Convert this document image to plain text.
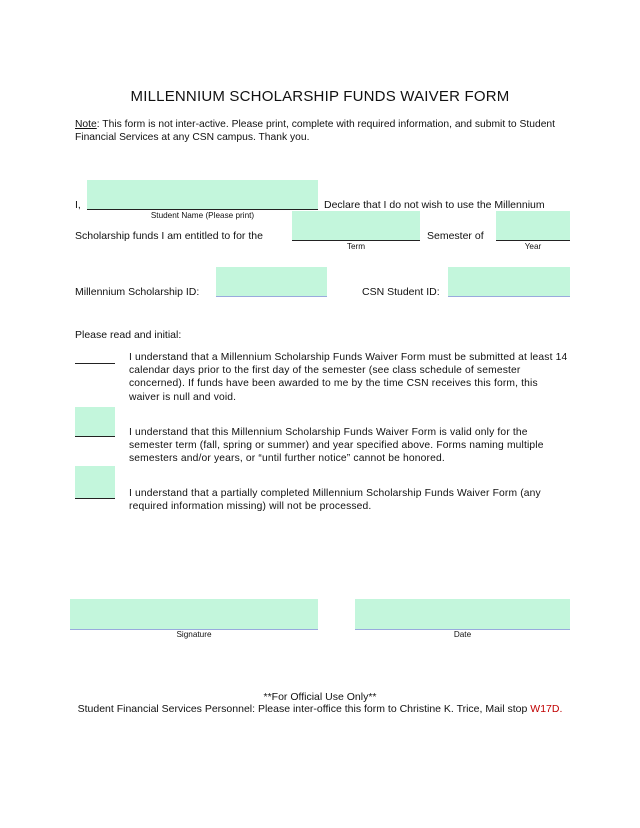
MILLENNIUM SCHOLARSHIP FUNDS WAIVER FORM
Note: This form is not inter-active. Please print, complete with required information, and submit to Student Financial Services at any CSN campus. Thank you.
I,
Student Name (Please print)
Declare that I do not wish to use the Millennium
Scholarship funds I am entitled to for the
Term
Semester of
Year
Millennium Scholarship ID:	CSN Student ID:
Please read and initial:
I understand that a Millennium Scholarship Funds Waiver Form must be submitted at least 14 calendar days prior to the first day of the semester (see class schedule of semester concerned). If funds have been awarded to me by the time CSN receives this form, this waiver is null and void.
I understand that this Millennium Scholarship Funds Waiver Form is valid only for the semester term (fall, spring or summer) and year specified above. Forms naming multiple semesters and/or years, or “until further notice” cannot be honored.
I understand that a partially completed Millennium Scholarship Funds Waiver Form (any required information missing) will not be processed.
Signature	Date
**For Official Use Only**
Student Financial Services Personnel: Please inter-office this form to Christine K. Trice, Mail stop W17D.
